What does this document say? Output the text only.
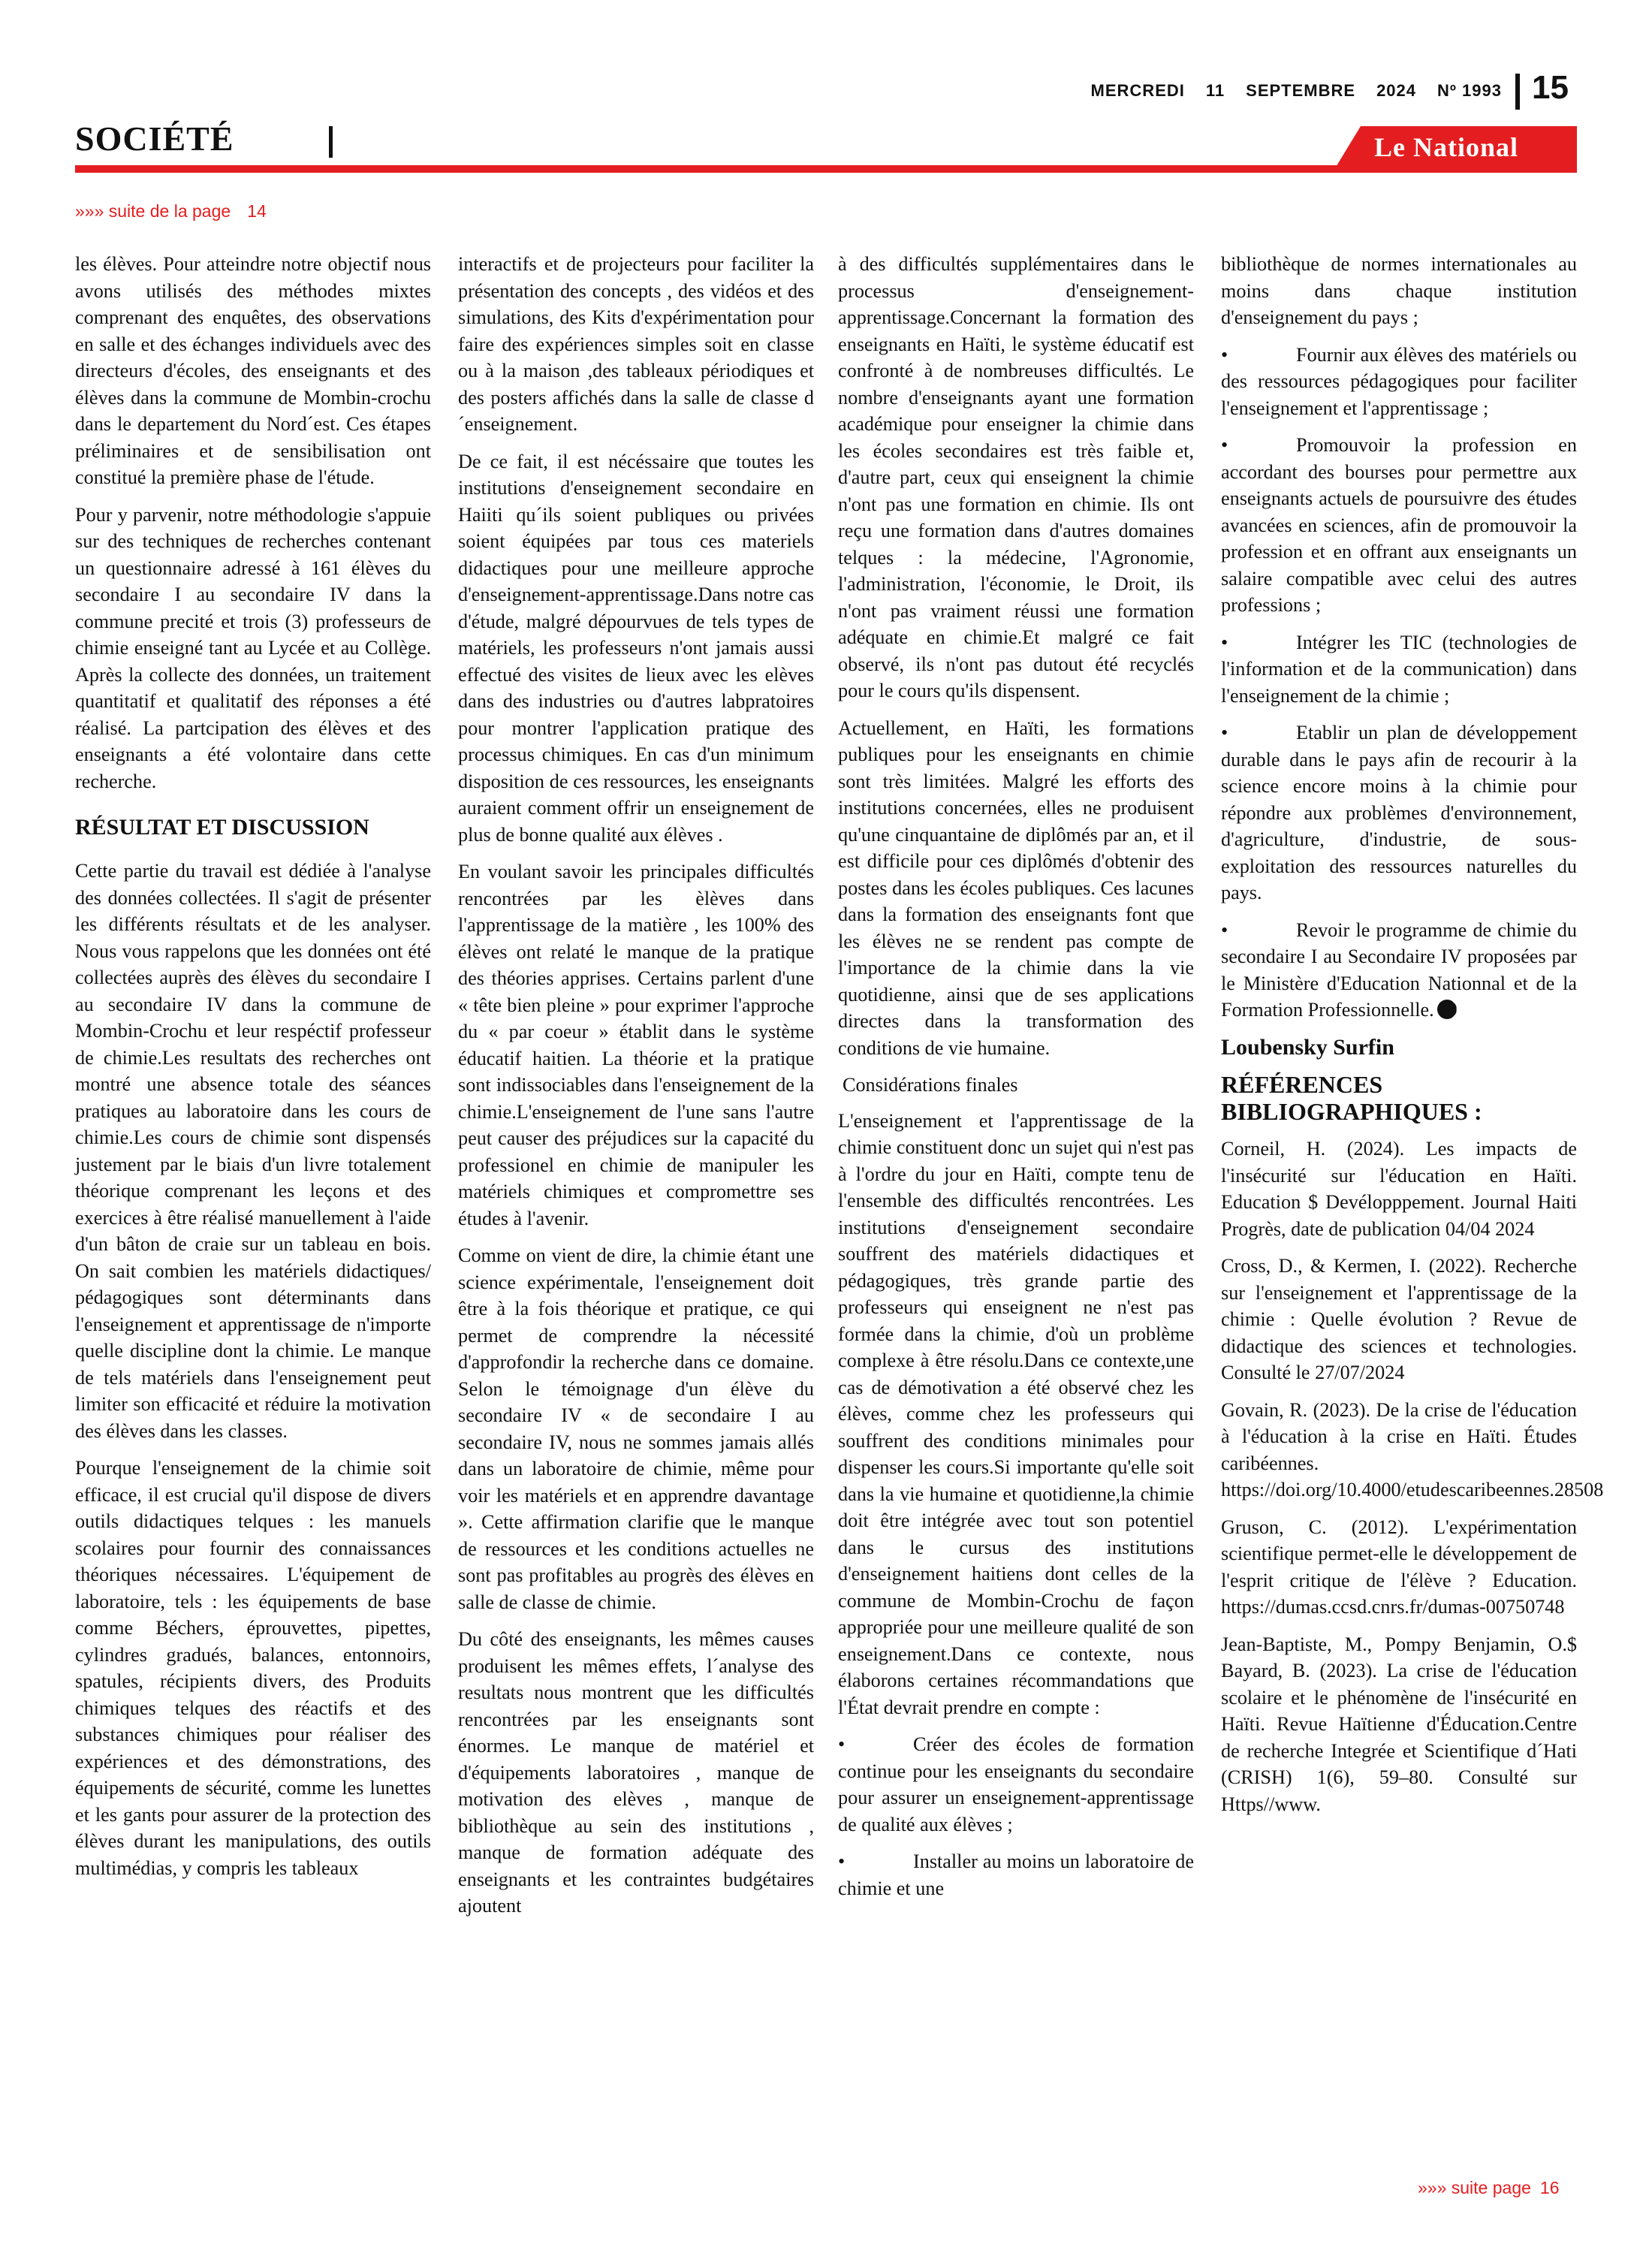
MERCREDI 11 SEPTEMBRE 2024 Nº 1993 15
SOCIÉTÉ	Le National
»»» suite de la page 14

les élèves. Pour atteindre notre objectif nous avons utilisés des méthodes mixtes comprenant des enquêtes, des observations en salle et des échanges individuels avec des directeurs d'écoles, des enseignants et des élèves dans la commune de Mombin-crochu dans le departement du Nord´est. Ces étapes préliminaires et de sensibilisation ont constitué la première phase de l'étude.

Pour y parvenir, notre méthodologie s'appuie sur des techniques de recherches contenant un questionnaire adressé à 161 élèves du secondaire I au secondaire IV dans la commune precité et trois (3) professeurs de chimie enseigné tant au Lycée et au Collège. Après la collecte des données, un traitement quantitatif et qualitatif des réponses a été réalisé. La partcipation des élèves et des enseignants a été volontaire dans cette recherche.

RÉSULTAT ET DISCUSSION

Cette partie du travail est dédiée à l'analyse des données collectées. Il s'agit de présenter les différents résultats et de les analyser. Nous vous rappelons que les données ont été collectées auprès des élèves du secondaire I au secondaire IV dans la commune de Mombin-Crochu et leur respéctif professeur de chimie.Les resultats des recherches ont montré une absence totale des séances pratiques au laboratoire dans les cours de chimie.Les cours de chimie sont dispensés justement par le biais d'un livre totalement théorique comprenant les leçons et des exercices à être réalisé manuellement à l'aide d'un bâton de craie sur un tableau en bois. On sait combien les matériels didactiques/ pédagogiques sont déterminants dans l'enseignement et apprentissage de n'importe quelle discipline dont la chimie. Le manque de tels matériels dans l'enseignement peut limiter son efficacité et réduire la motivation des élèves dans les classes.

Pourque l'enseignement de la chimie soit efficace, il est crucial qu'il dispose de divers outils didactiques telques : les manuels scolaires pour fournir des connaissances théoriques nécessaires. L'équipement de laboratoire, tels : les équipements de base comme Béchers, éprouvettes, pipettes, cylindres gradués, balances, entonnoirs, spatules, récipients divers, des Produits chimiques telques des réactifs et des substances chimiques pour réaliser des expériences et des démonstrations, des équipements de sécurité, comme les lunettes et les gants pour assurer de la protection des élèves durant les manipulations, des outils multimédias, y compris les tableaux

interactifs et de projecteurs pour faciliter la présentation des concepts , des vidéos et des simulations, des Kits d'expérimentation pour faire des expériences simples soit en classe ou à la maison ,des tableaux périodiques et des posters affichés dans la salle de classe d´enseignement.

De ce fait, il est nécéssaire que toutes les institutions d'enseignement secondaire en Haiiti qu´ils soient publiques ou privées soient équipées par tous ces materiels didactiques pour une meilleure approche d'enseignement-apprentissage.Dans notre cas d'étude, malgré dépourvues de tels types de matériels, les professeurs n'ont jamais aussi effectué des visites de lieux avec les elèves dans des industries ou d'autres labpratoires pour montrer l'application pratique des processus chimiques. En cas d'un minimum disposition de ces ressources, les enseignants auraient comment offrir un enseignement de plus de bonne qualité aux élèves .

En voulant savoir les principales difficultés rencontrées par les èlèves dans l'apprentissage de la matière , les 100% des élèves ont relaté le manque de la pratique des théories apprises. Certains parlent d'une « tête bien pleine » pour exprimer l'approche du « par coeur » établit dans le système éducatif haitien. La théorie et la pratique sont indissociables dans l'enseignement de la chimie.L'enseignement de l'une sans l'autre peut causer des préjudices sur la capacité du professionel en chimie de manipuler les matériels chimiques et compromettre ses études à l'avenir.

Comme on vient de dire, la chimie étant une science expérimentale, l'enseignement doit être à la fois théorique et pratique, ce qui permet de comprendre la nécessité d'approfondir la recherche dans ce domaine. Selon le témoignage d'un élève du secondaire IV « de secondaire I au secondaire IV, nous ne sommes jamais allés dans un laboratoire de chimie, même pour voir les matériels et en apprendre davantage ». Cette affirmation clarifie que le manque de ressources et les conditions actuelles ne sont pas profitables au progrès des élèves en salle de classe de chimie.

Du côté des enseignants, les mêmes causes produisent les mêmes effets, l´analyse des resultats nous montrent que les difficultés rencontrées par les enseignants sont énormes. Le manque de matériel et d'équipements laboratoires , manque de motivation des elèves , manque de bibliothèque au sein des institutions , manque de formation adéquate des enseignants et les contraintes budgétaires ajoutent

à des difficultés supplémentaires dans le processus d'enseignement-apprentissage.Concernant la formation des enseignants en Haïti, le système éducatif est confronté à de nombreuses difficultés. Le nombre d'enseignants ayant une formation académique pour enseigner la chimie dans les écoles secondaires est très faible et, d'autre part, ceux qui enseignent la chimie n'ont pas une formation en chimie. Ils ont reçu une formation dans d'autres domaines telques : la médecine, l'Agronomie, l'administration, l'économie, le Droit, ils n'ont pas vraiment réussi une formation adéquate en chimie.Et malgré ce fait observé, ils n'ont pas dutout été recyclés pour le cours qu'ils dispensent.

Actuellement, en Haïti, les formations publiques pour les enseignants en chimie sont très limitées. Malgré les efforts des institutions concernées, elles ne produisent qu'une cinquantaine de diplômés par an, et il est difficile pour ces diplômés d'obtenir des postes dans les écoles publiques. Ces lacunes dans la formation des enseignants font que les élèves ne se rendent pas compte de l'importance de la chimie dans la vie quotidienne, ainsi que de ses applications directes dans la transformation des conditions de vie humaine.

Considérations finales

L'enseignement et l'apprentissage de la chimie constituent donc un sujet qui n'est pas à l'ordre du jour en Haïti, compte tenu de l'ensemble des difficultés rencontrées. Les institutions d'enseignement secondaire souffrent des matériels didactiques et pédagogiques, très grande partie des professeurs qui enseignent ne n'est pas formée dans la chimie, d'où un problème complexe à être résolu.Dans ce contexte,une cas de démotivation a été observé chez les élèves, comme chez les professeurs qui souffrent des conditions minimales pour dispenser les cours.Si importante qu'elle soit dans la vie humaine et quotidienne,la chimie doit être intégrée avec tout son potentiel dans le cursus des institutions d'enseignement haitiens dont celles de la commune de Mombin-Crochu de façon appropriée pour une meilleure qualité de son enseignement.Dans ce contexte, nous élaborons certaines récommandations que l'État devrait prendre en compte :

•	Créer des écoles de formation continue pour les enseignants du secondaire pour assurer un enseignement-apprentissage de qualité aux élèves ;

•	Installer au moins un laboratoire de chimie et une

bibliothèque de normes internationales au moins dans chaque institution d'enseignement du pays ;

•	Fournir aux élèves des matériels ou des ressources pédagogiques pour faciliter l'enseignement et l'apprentissage ;

•	Promouvoir la profession en accordant des bourses pour permettre aux enseignants actuels de poursuivre des études avancées en sciences, afin de promouvoir la profession et en offrant aux enseignants un salaire compatible avec celui des autres professions ;

•	Intégrer les TIC (technologies de l'information et de la communication) dans l'enseignement de la chimie ;

•	Etablir un plan de développement durable dans le pays afin de recourir à la science encore moins à la chimie pour répondre aux problèmes d'environnement, d'agriculture, d'industrie, de sous-exploitation des ressources naturelles du pays.

•	Revoir le programme de chimie du secondaire I au Secondaire IV proposées par le Ministère d'Education Nationnal et de la Formation Professionnelle.

Loubensky Surfin

RÉFÉRENCES BIBLIOGRAPHIQUES :

Corneil, H. (2024). Les impacts de l'insécurité sur l'éducation en Haïti. Education $ Devélopppement. Journal Haiti Progrès, date de publication 04/04 2024

Cross, D., & Kermen, I. (2022). Recherche sur l'enseignement et l'apprentissage de la chimie : Quelle évolution ? Revue de didactique des sciences et technologies. Consulté le 27/07/2024

Govain, R. (2023). De la crise de l'éducation à l'éducation à la crise en Haïti. Études caribéennes. https://doi.org/10.4000/etudescaribeennes.28508

Gruson, C. (2012). L'expérimentation scientifique permet-elle le développement de l'esprit critique de l'élève ? Education. https://dumas.ccsd.cnrs.fr/dumas-00750748

Jean-Baptiste, M., Pompy Benjamin, O.$ Bayard, B. (2023). La crise de l'éducation scolaire et le phénomène de l'insécurité en Haïti. Revue Haïtienne d'Éducation.Centre de recherche Integrée et Scientifique d´Hati (CRISH) 1(6), 59–80. Consulté sur Https//www.

»»» suite page 16
